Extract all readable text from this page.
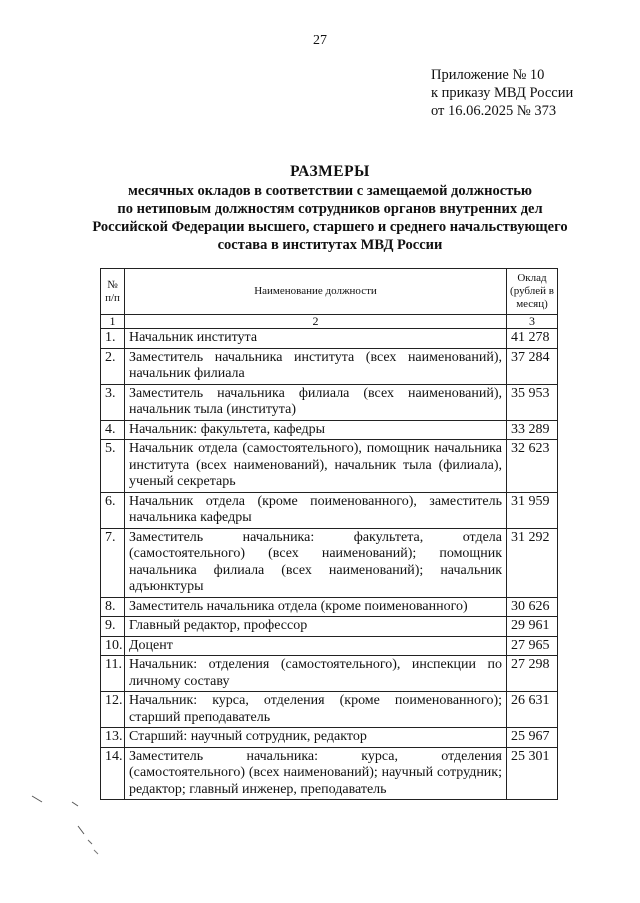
27
Приложение № 10
к приказу МВД России
от 16.06.2025 № 373
РАЗМЕРЫ
месячных окладов в соответствии с замещаемой должностью
по нетиповым должностям сотрудников органов внутренних дел
Российской Федерации высшего, старшего и среднего начальствующего
состава в институтах МВД России
№ п/п	Наименование должности	Оклад (рублей в месяц)
1	2	3
1.	Начальник института	41 278
2.	Заместитель начальника института (всех наименований), начальник филиала	37 284
3.	Заместитель начальника филиала (всех наименований), начальник тыла (института)	35 953
4.	Начальник: факультета, кафедры	33 289
5.	Начальник отдела (самостоятельного), помощник начальника института (всех наименований), начальник тыла (филиала), ученый секретарь	32 623
6.	Начальник отдела (кроме поименованного), заместитель начальника кафедры	31 959
7.	Заместитель начальника: факультета, отдела (самостоятельного) (всех наименований); помощник начальника филиала (всех наименований); начальник адъюнктуры	31 292
8.	Заместитель начальника отдела (кроме поименованного)	30 626
9.	Главный редактор, профессор	29 961
10.	Доцент	27 965
11.	Начальник: отделения (самостоятельного), инспекции по личному составу	27 298
12.	Начальник: курса, отделения (кроме поименованного); старший преподаватель	26 631
13.	Старший: научный сотрудник, редактор	25 967
14.	Заместитель начальника: курса, отделения (самостоятельного) (всех наименований); научный сотрудник; редактор; главный инженер, преподаватель	25 301
